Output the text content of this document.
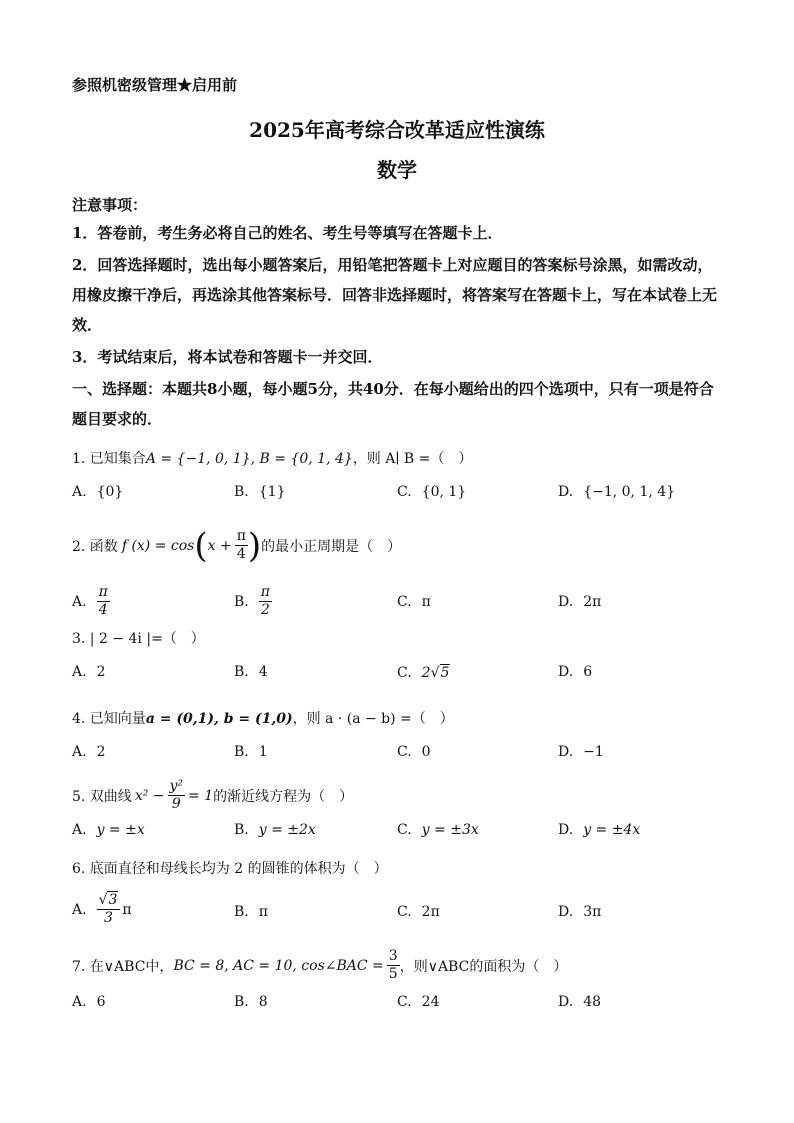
参照机密级管理★启用前
2025年高考综合改革适应性演练
数学
注意事项：
1．答卷前，考生务必将自己的姓名、考生号等填写在答题卡上．
2．回答选择题时，选出每小题答案后，用铅笔把答题卡上对应题目的答案标号涂黑，如需改动，用橡皮擦干净后，再选涂其他答案标号．回答非选择题时，将答案写在答题卡上，写在本试卷上无效．
3．考试结束后，将本试卷和答题卡一并交回．
一、选择题：本题共8小题，每小题5分，共40分．在每小题给出的四个选项中，只有一项是符合题目要求的．
1. 已知集合A = {−1, 0, 1}, B = {0, 1, 4}，则 A∣ B =（　）
A. {0}	B. {1}	C. {0, 1}	D. {−1, 0, 1, 4}
2. 函数 f (x) = cos ( $x + \frac{\pi}{4}$ ) 的最小正周期是（　）
A. $\frac{\pi}{4}$	B. $\frac{\pi}{2}$	C. π	D. 2π
3. | 2 − 4i |=（　）
A. 2	B. 4	C. 2 √ 5	D. 6
4. 已知向量a = (0,1), b = (1,0)，则 a · (a − b) =（　）
A. 2	B. 1	C. 0	D. −1
5. 双曲线 $x^2 - \frac{\text{y²}}{9} = 1$ 的渐近线方程为（　）
A. y = ±x	B. y = ±2x	C. y = ±3x	D. y = ±4x
6. 底面直径和母线长均为 2 的圆锥的体积为（　）
A. $\frac{√3}{3}$ π	B. π	C. 2π	D. 3π
7. 在∨ABC中， BC = 8, AC = 10, cos∠BAC = $\frac{3}{5}$ ，则∨ABC的面积为（　）
A. 6	B. 8	C. 24	D. 48
